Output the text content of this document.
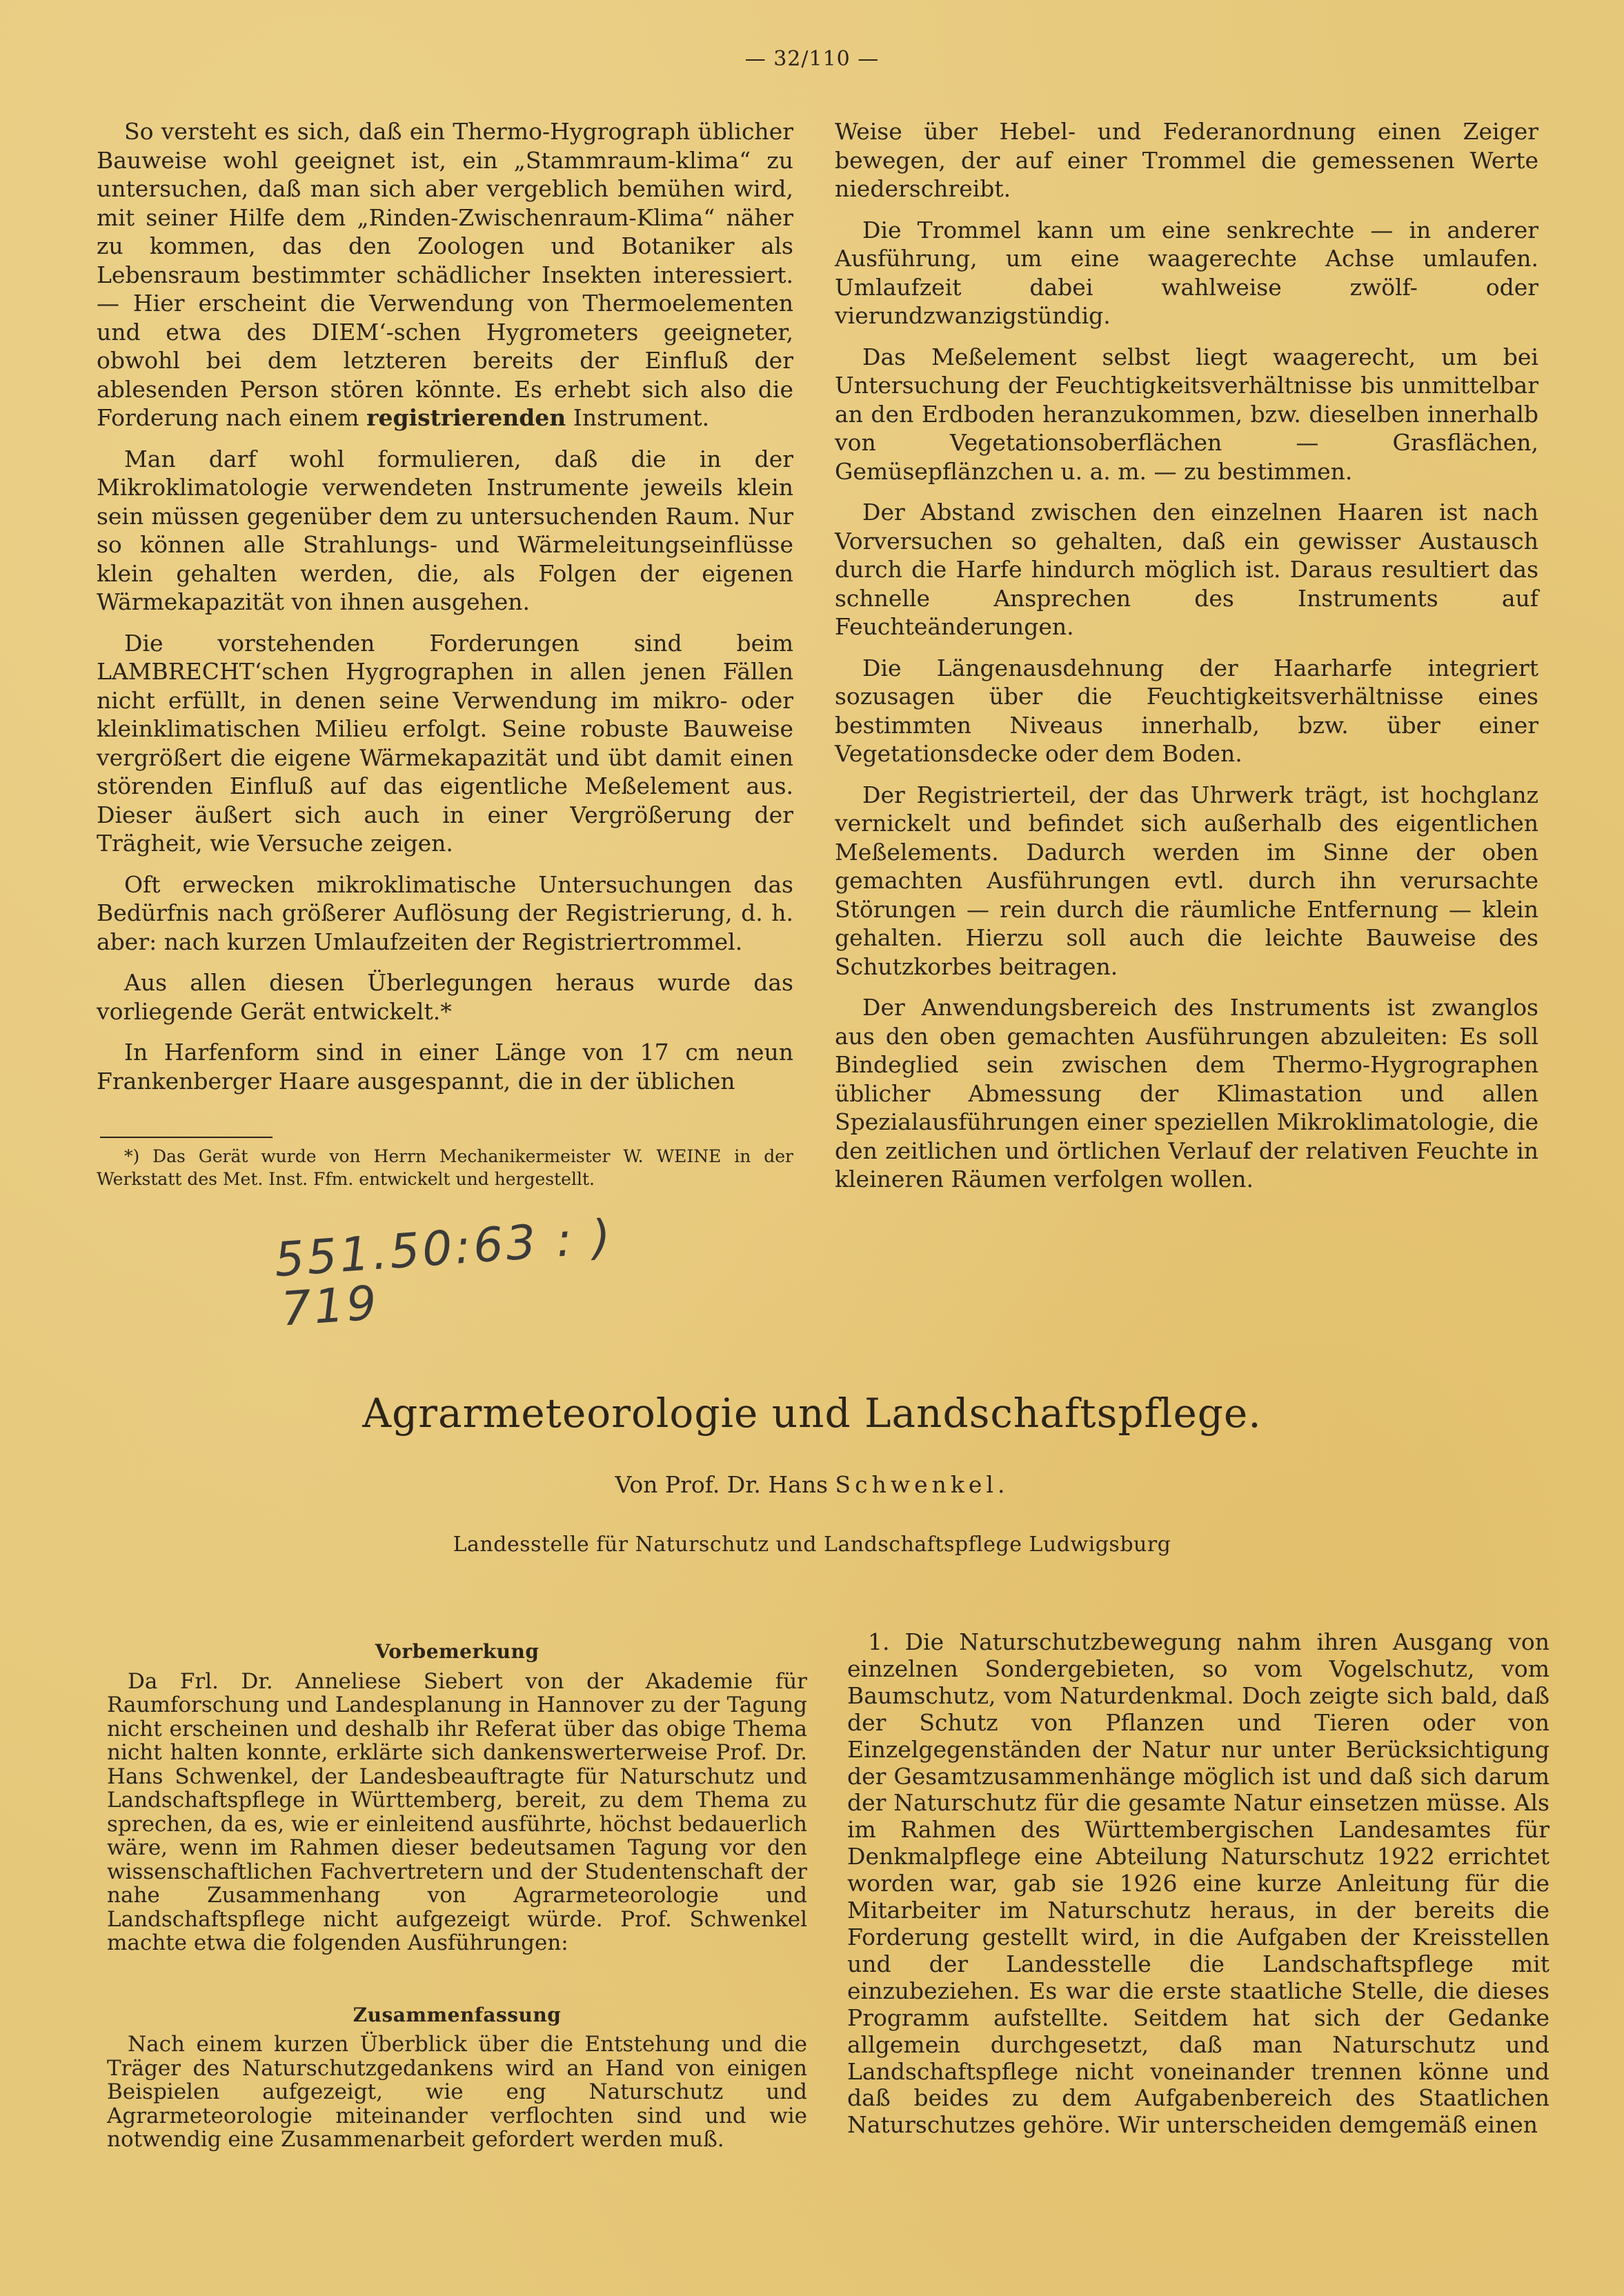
— 32/110 —

So versteht es sich, daß ein Thermo-Hygrograph üblicher Bauweise wohl geeignet ist, ein „Stammraum-klima“ zu untersuchen, daß man sich aber vergeblich bemühen wird, mit seiner Hilfe dem „Rinden-Zwischenraum-Klima“ näher zu kommen, das den Zoologen und Botaniker als Lebensraum bestimmter schädlicher Insekten interessiert. — Hier erscheint die Verwendung von Thermoelementen und etwa des DIEM‘-schen Hygrometers geeigneter, obwohl bei dem letzteren bereits der Einfluß der ablesenden Person stören könnte. Es erhebt sich also die Forderung nach einem registrierenden Instrument.

Man darf wohl formulieren, daß die in der Mikroklimatologie verwendeten Instrumente jeweils klein sein müssen gegenüber dem zu untersuchenden Raum. Nur so können alle Strahlungs- und Wärmeleitungseinflüsse klein gehalten werden, die, als Folgen der eigenen Wärmekapazität von ihnen ausgehen.

Die vorstehenden Forderungen sind beim LAMBRECHT‘schen Hygrographen in allen jenen Fällen nicht erfüllt, in denen seine Verwendung im mikro- oder kleinklimatischen Milieu erfolgt. Seine robuste Bauweise vergrößert die eigene Wärmekapazität und übt damit einen störenden Einfluß auf das eigentliche Meßelement aus. Dieser äußert sich auch in einer Vergrößerung der Trägheit, wie Versuche zeigen.

Oft erwecken mikroklimatische Untersuchungen das Bedürfnis nach größerer Auflösung der Registrierung, d. h. aber: nach kurzen Umlaufzeiten der Registriertrommel.

Aus allen diesen Überlegungen heraus wurde das vorliegende Gerät entwickelt.*

In Harfenform sind in einer Länge von 17 cm neun Frankenberger Haare ausgespannt, die in der üblichen

*) Das Gerät wurde von Herrn Mechanikermeister W. WEINE in der Werkstatt des Met. Inst. Ffm. entwickelt und hergestellt.

Weise über Hebel- und Federanordnung einen Zeiger bewegen, der auf einer Trommel die gemessenen Werte niederschreibt.

Die Trommel kann um eine senkrechte — in anderer Ausführung, um eine waagerechte Achse umlaufen. Umlaufzeit dabei wahlweise zwölf- oder vierundzwanzigstündig.

Das Meßelement selbst liegt waagerecht, um bei Untersuchung der Feuchtigkeitsverhältnisse bis unmittelbar an den Erdboden heranzukommen, bzw. dieselben innerhalb von Vegetationsoberflächen — Grasflächen, Gemüsepflänzchen u. a. m. — zu bestimmen.

Der Abstand zwischen den einzelnen Haaren ist nach Vorversuchen so gehalten, daß ein gewisser Austausch durch die Harfe hindurch möglich ist. Daraus resultiert das schnelle Ansprechen des Instruments auf Feuchteänderungen.

Die Längenausdehnung der Haarharfe integriert sozusagen über die Feuchtigkeitsverhältnisse eines bestimmten Niveaus innerhalb, bzw. über einer Vegetationsdecke oder dem Boden.

Der Registrierteil, der das Uhrwerk trägt, ist hochglanz vernickelt und befindet sich außerhalb des eigentlichen Meßelements. Dadurch werden im Sinne der oben gemachten Ausführungen evtl. durch ihn verursachte Störungen — rein durch die räumliche Entfernung — klein gehalten. Hierzu soll auch die leichte Bauweise des Schutzkorbes beitragen.

Der Anwendungsbereich des Instruments ist zwanglos aus den oben gemachten Ausführungen abzuleiten: Es soll Bindeglied sein zwischen dem Thermo-Hygrographen üblicher Abmessung der Klimastation und allen Spezialausführungen einer speziellen Mikroklimatologie, die den zeitlichen und örtlichen Verlauf der relativen Feuchte in kleineren Räumen verfolgen wollen.

551.50:63 : )
719
Agrarmeteorologie und Landschaftspflege.
Von Prof. Dr. Hans Schwenkel.
Landesstelle für Naturschutz und Landschaftspflege Ludwigsburg
Vorbemerkung

Da Frl. Dr. Anneliese Siebert von der Akademie für Raumforschung und Landesplanung in Hannover zu der Tagung nicht erscheinen und deshalb ihr Referat über das obige Thema nicht halten konnte, erklärte sich dankenswerterweise Prof. Dr. Hans Schwenkel, der Landesbeauftragte für Naturschutz und Landschaftspflege in Württemberg, bereit, zu dem Thema zu sprechen, da es, wie er einleitend ausführte, höchst bedauerlich wäre, wenn im Rahmen dieser bedeutsamen Tagung vor den wissenschaftlichen Fachvertretern und der Studentenschaft der nahe Zusammenhang von Agrarmeteorologie und Landschaftspflege nicht aufgezeigt würde. Prof. Schwenkel machte etwa die folgenden Ausführungen:

Zusammenfassung

Nach einem kurzen Überblick über die Entstehung und die Träger des Naturschutzgedankens wird an Hand von einigen Beispielen aufgezeigt, wie eng Naturschutz und Agrarmeteorologie miteinander verflochten sind und wie notwendig eine Zusammenarbeit gefordert werden muß.

1. Die Naturschutzbewegung nahm ihren Ausgang von einzelnen Sondergebieten, so vom Vogelschutz, vom Baumschutz, vom Naturdenkmal. Doch zeigte sich bald, daß der Schutz von Pflanzen und Tieren oder von Einzelgegenständen der Natur nur unter Berücksichtigung der Gesamtzusammenhänge möglich ist und daß sich darum der Naturschutz für die gesamte Natur einsetzen müsse. Als im Rahmen des Württembergischen Landesamtes für Denkmalpflege eine Abteilung Naturschutz 1922 errichtet worden war, gab sie 1926 eine kurze Anleitung für die Mitarbeiter im Naturschutz heraus, in der bereits die Forderung gestellt wird, in die Aufgaben der Kreisstellen und der Landesstelle die Landschaftspflege mit einzubeziehen. Es war die erste staatliche Stelle, die dieses Programm aufstellte. Seitdem hat sich der Gedanke allgemein durchgesetzt, daß man Naturschutz und Landschaftspflege nicht voneinander trennen könne und daß beides zu dem Aufgabenbereich des Staatlichen Naturschutzes gehöre. Wir unterscheiden demgemäß einen
